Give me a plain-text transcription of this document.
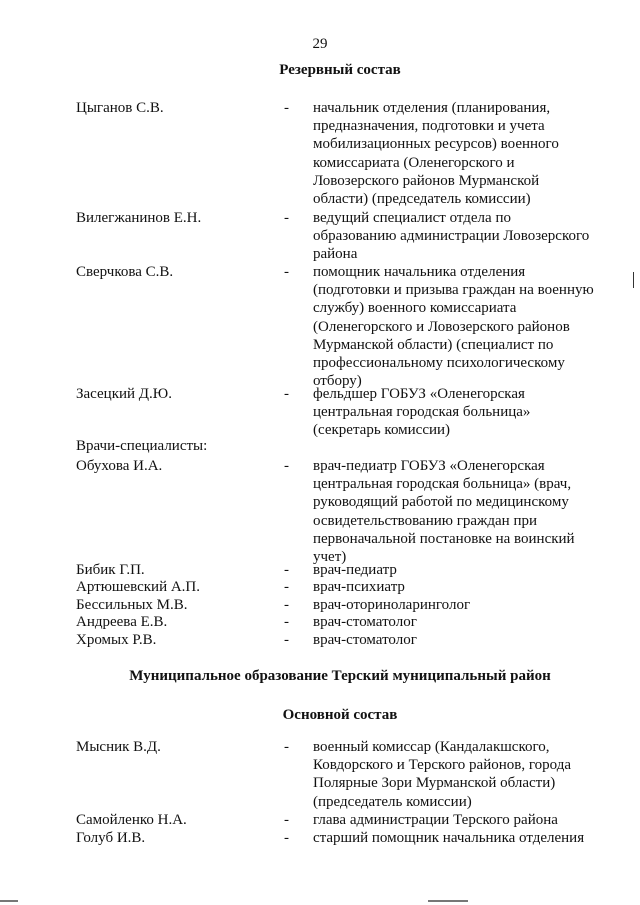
29
Резервный состав
Цыганов С.В.	- начальник отделения (планирования, предназначения, подготовки и учета мобилизационных ресурсов) военного комиссариата (Оленегорского и Ловозерского районов Мурманской области) (председатель комиссии)
Вилегжанинов Е.Н.	- ведущий специалист отдела по образованию администрации Ловозерского района
Сверчкова С.В.	- помощник начальника отделения (подготовки и призыва граждан на военную службу) военного комиссариата (Оленегорского и Ловозерского районов Мурманской области) (специалист по профессиональному психологическому отбору)
Засецкий Д.Ю.	- фельдшер ГОБУЗ «Оленегорская центральная городская больница» (секретарь комиссии)
Врачи-специалисты:
Обухова И.А.	- врач-педиатр ГОБУЗ «Оленегорская центральная городская больница» (врач, руководящий работой по медицинскому освидетельствованию граждан при первоначальной постановке на воинский учет)
Бибик Г.П.	- врач-педиатр
Артюшевский А.П.	- врач-психиатр
Бессильных М.В.	- врач-оториноларинголог
Андреева Е.В.	- врач-стоматолог
Хромых Р.В.	- врач-стоматолог
Муниципальное образование Терский муниципальный район
Основной состав
Мысник В.Д.	- военный комиссар (Кандалакшского, Ковдорского и Терского районов, города Полярные Зори Мурманской области) (председатель комиссии)
Самойленко Н.А.	- глава администрации Терского района
Голуб И.В.	- старший помощник начальника отделения
